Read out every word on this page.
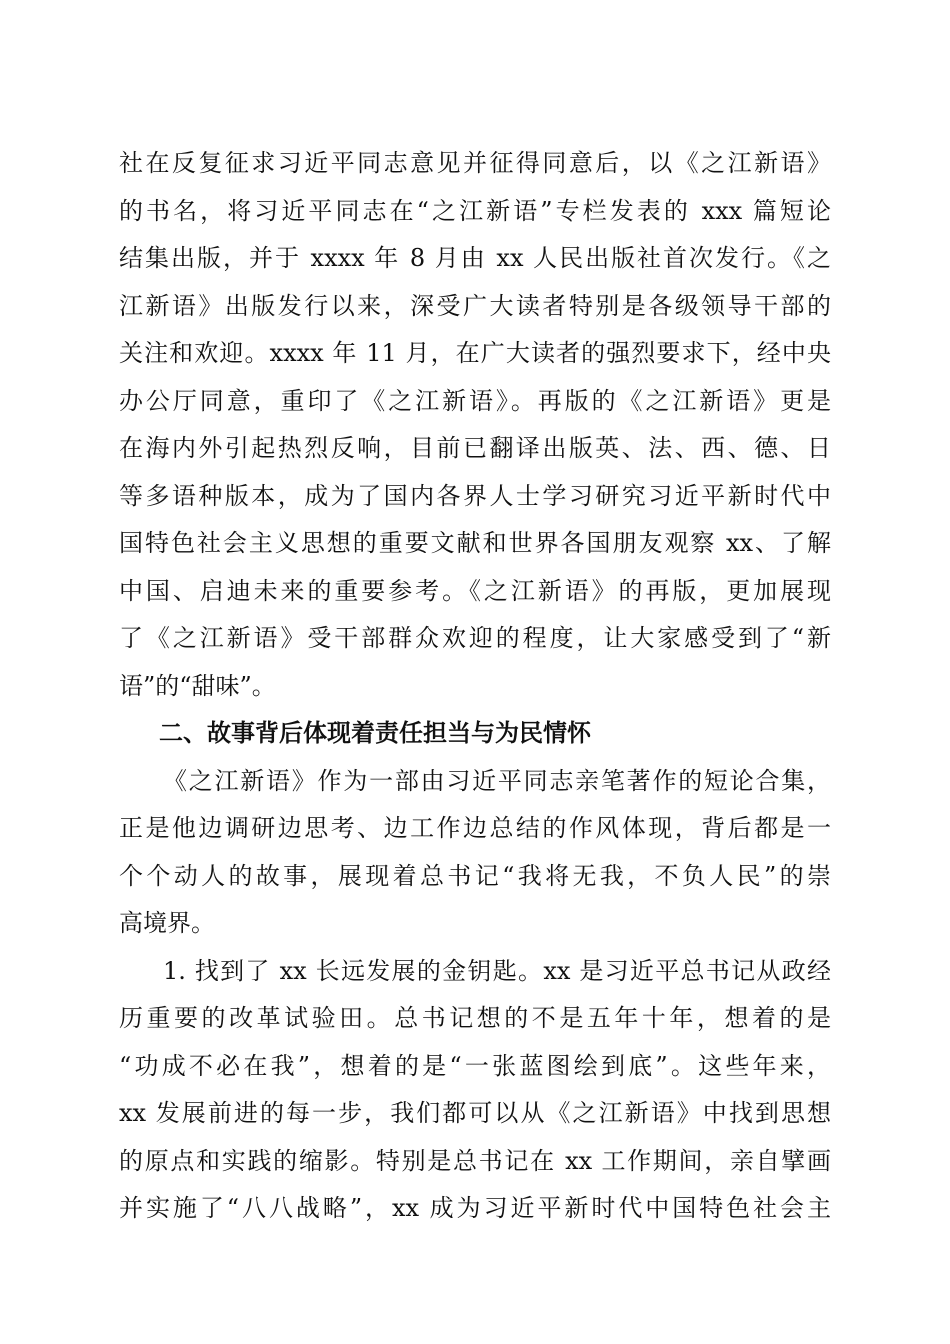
社在反复征求习近平同志意见并征得同意后，以《之江新语》
的书名，将习近平同志在“之江新语”专栏发表的 xxx 篇短论
结集出版，并于 xxxx 年 8 月由 xx 人民出版社首次发行。《之
江新语》出版发行以来，深受广大读者特别是各级领导干部的
关注和欢迎。xxxx 年 11 月，在广大读者的强烈要求下，经中央
办公厅同意，重印了《之江新语》。再版的《之江新语》更是
在海内外引起热烈反响，目前已翻译出版英、法、西、德、日
等多语种版本，成为了国内各界人士学习研究习近平新时代中
国特色社会主义思想的重要文献和世界各国朋友观察 xx、了解
中国、启迪未来的重要参考。《之江新语》的再版，更加展现
了《之江新语》受干部群众欢迎的程度，让大家感受到了“新
语”的“甜味”。
二、故事背后体现着责任担当与为民情怀
《之江新语》作为一部由习近平同志亲笔著作的短论合集，
正是他边调研边思考、边工作边总结的作风体现，背后都是一
个个动人的故事，展现着总书记“我将无我，不负人民”的崇
高境界。
1. 找到了 xx 长远发展的金钥匙。xx 是习近平总书记从政经
历重要的改革试验田。总书记想的不是五年十年，想着的是
“功成不必在我”，想着的是“一张蓝图绘到底”。这些年来，
xx 发展前进的每一步，我们都可以从《之江新语》中找到思想
的原点和实践的缩影。特别是总书记在 xx 工作期间，亲自擘画
并实施了“八八战略”，xx 成为习近平新时代中国特色社会主
